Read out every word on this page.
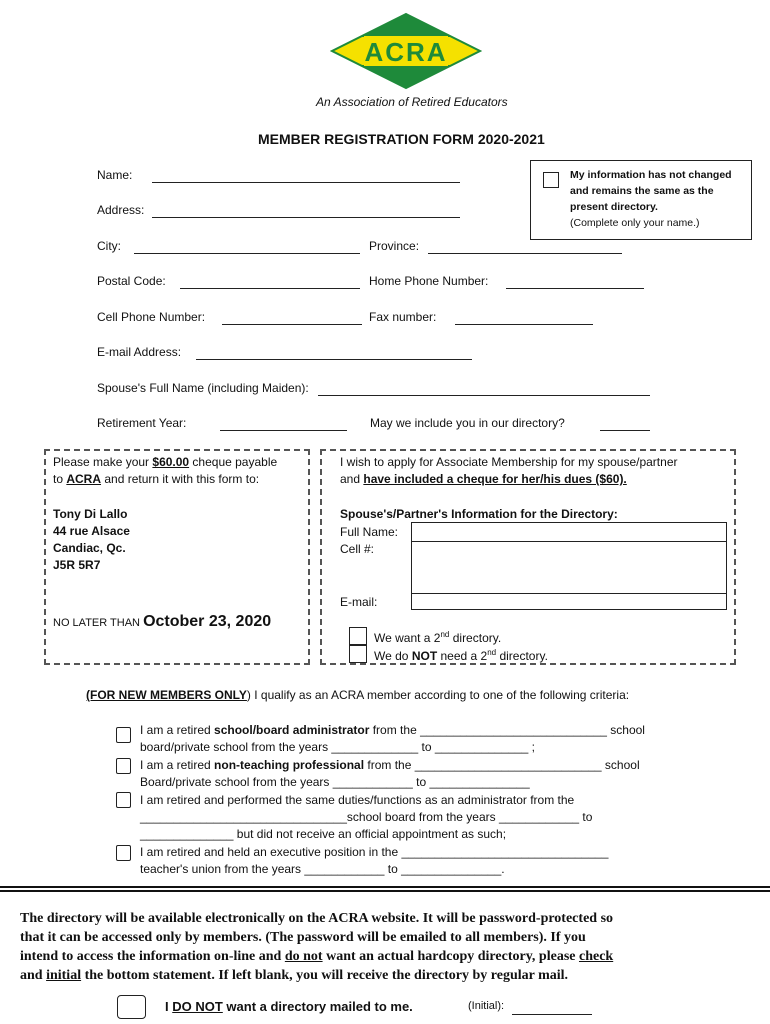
ACRA
An Association of Retired Educators
MEMBER REGISTRATION FORM 2020-2021
My information has not changed
and remains the same as the
present directory.
(Complete only your name.)
Name:
Address:
City:	Province:
Postal Code:	Home Phone Number:
Cell Phone Number:	Fax number:
E-mail Address:
Spouse's Full Name (including Maiden):
Retirement Year:	May we include you in our directory?
Please make your $60.00 cheque payable
to ACRA and return it with this form to:
Tony Di Lallo
44 rue Alsace
Candiac, Qc.
J5R 5R7
NO LATER THAN October 23, 2020
I wish to apply for Associate Membership for my spouse/partner
and have included a cheque for her/his dues ($60).
Spouse's/Partner's Information for the Directory:
Full Name:
Cell #:
E-mail:
We want a 2nd directory.
We do NOT need a 2nd directory.
(FOR NEW MEMBERS ONLY) I qualify as an ACRA member according to one of the following criteria:
I am a retired school/board administrator from the ____________________________ school
board/private school from the years _____________ to ______________ ;
I am a retired non-teaching professional from the ____________________________ school
Board/private school from the years ____________ to _______________
I am retired and performed the same duties/functions as an administrator from the
_______________________________school board from the years ____________ to
______________ but did not receive an official appointment as such;
I am retired and held an executive position in the _______________________________
teacher's union from the years ____________ to _______________.
The directory will be available electronically on the ACRA website. It will be password-protected so
that it can be accessed only by members. (The password will be emailed to all members). If you
intend to access the information on-line and do not want an actual hardcopy directory, please check
and initial the bottom statement. If left blank, you will receive the directory by regular mail.
I DO NOT want a directory mailed to me.	(Initial):
